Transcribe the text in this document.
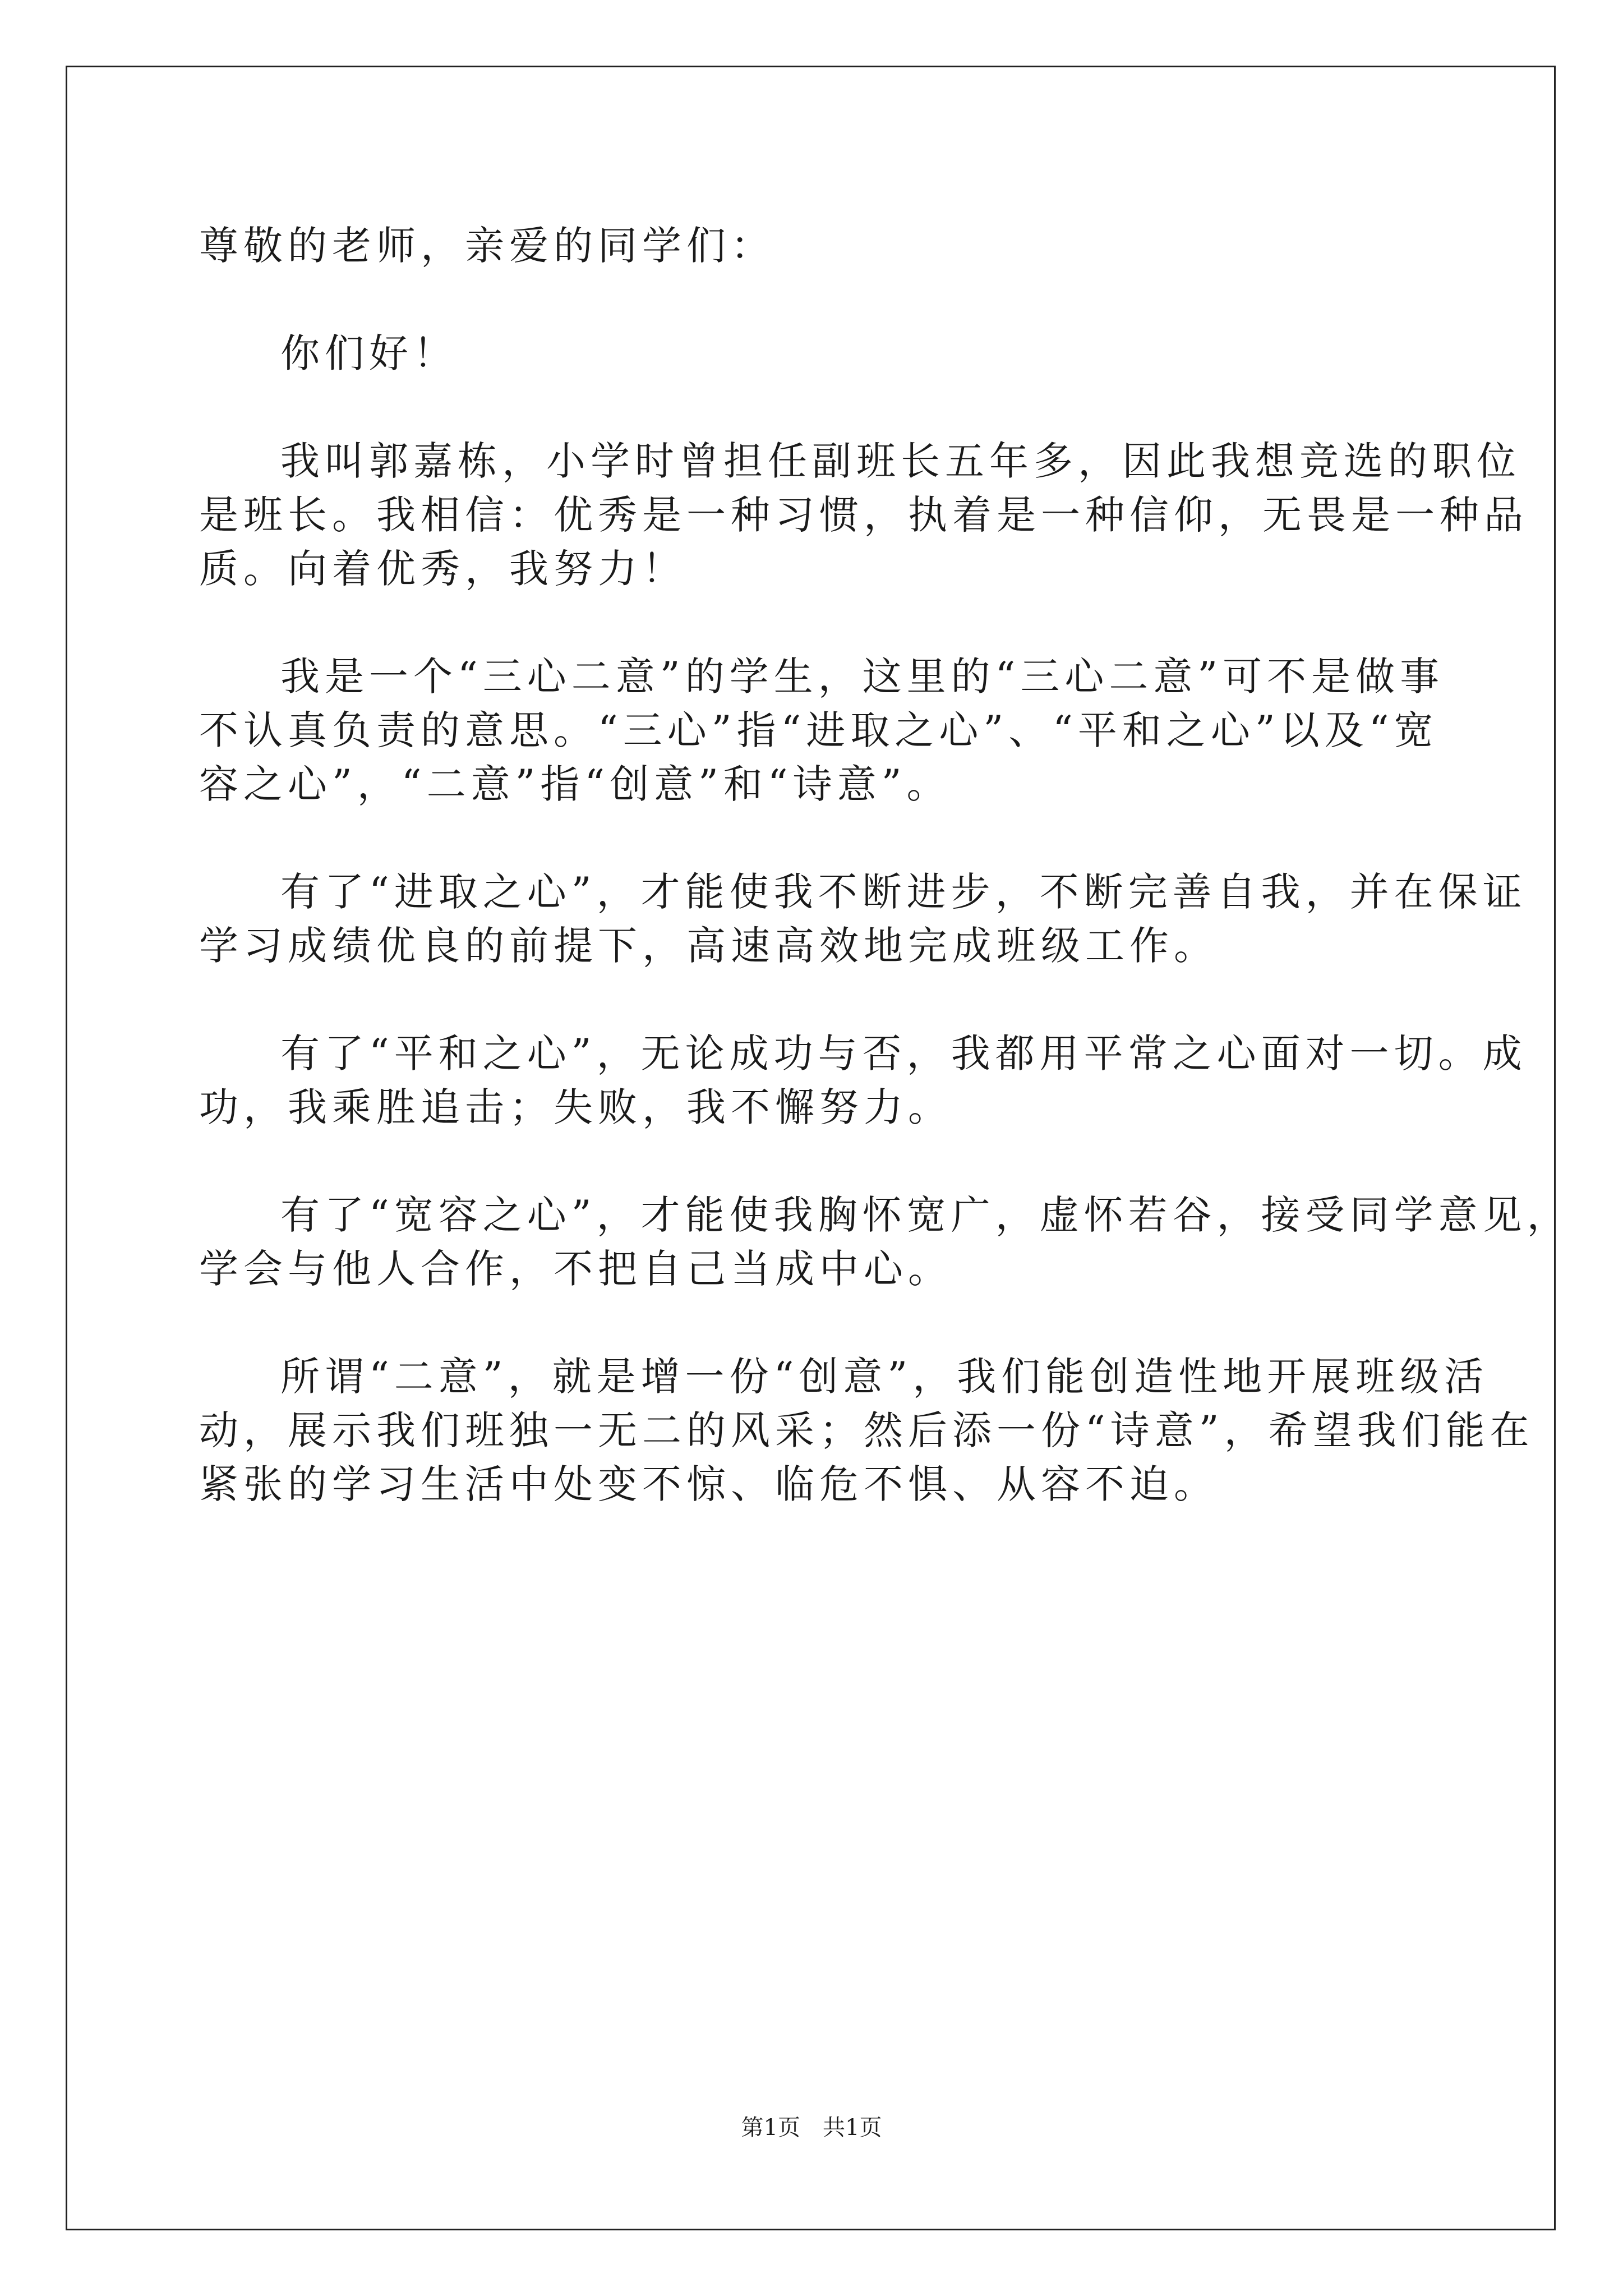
尊敬的老师，亲爱的同学们：

你们好！

我叫郭嘉栋，小学时曾担任副班长五年多，因此我想竞选的职位

是班长。我相信：优秀是一种习惯，执着是一种信仰，无畏是一种品

质。向着优秀，我努力！

我是一个“三心二意”的学生，这里的“三心二意”可不是做事

不认真负责的意思。“三心”指“进取之心”、“平和之心”以及“宽

容之心”，“二意”指“创意”和“诗意”。

有了“进取之心”，才能使我不断进步，不断完善自我，并在保证

学习成绩优良的前提下，高速高效地完成班级工作。

有了“平和之心”，无论成功与否，我都用平常之心面对一切。成

功，我乘胜追击；失败，我不懈努力。

有了“宽容之心”，才能使我胸怀宽广，虚怀若谷，接受同学意见，

学会与他人合作，不把自己当成中心。

所谓“二意”，就是增一份“创意”，我们能创造性地开展班级活

动，展示我们班独一无二的风采；然后添一份“诗意”，希望我们能在

紧张的学习生活中处变不惊、临危不惧、从容不迫。

第1页 共1页
